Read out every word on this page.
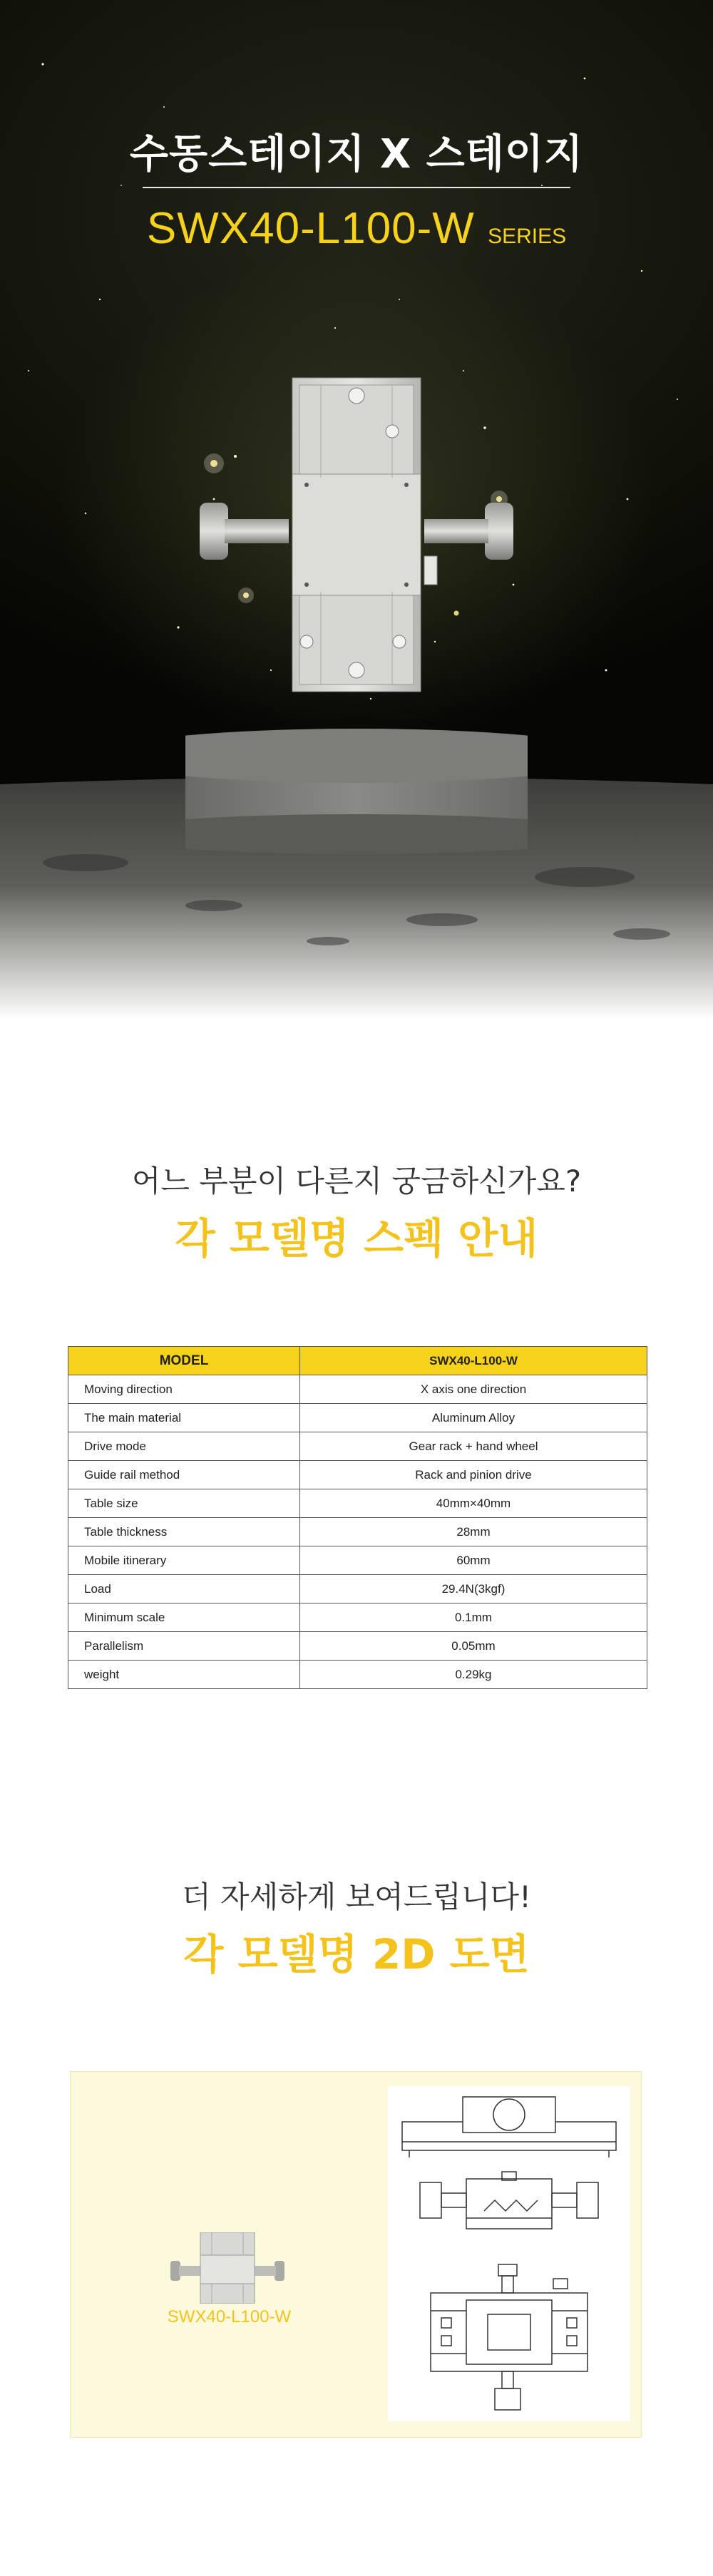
수동스테이지 X 스테이지
SWX40-L100-W SERIES
어느 부분이 다른지 궁금하신가요?
각 모델명 스펙 안내
MODEL	SWX40-L100-W
Moving direction	X axis one direction
The main material	Aluminum Alloy
Drive mode	Gear rack + hand wheel
Guide rail method	Rack and pinion drive
Table size	40mm×40mm
Table thickness	28mm
Mobile itinerary	60mm
Load	29.4N(3kgf)
Minimum scale	0.1mm
Parallelism	0.05mm
weight	0.29kg
더 자세하게 보여드립니다!
각 모델명 2D 도면
SWX40-L100-W
